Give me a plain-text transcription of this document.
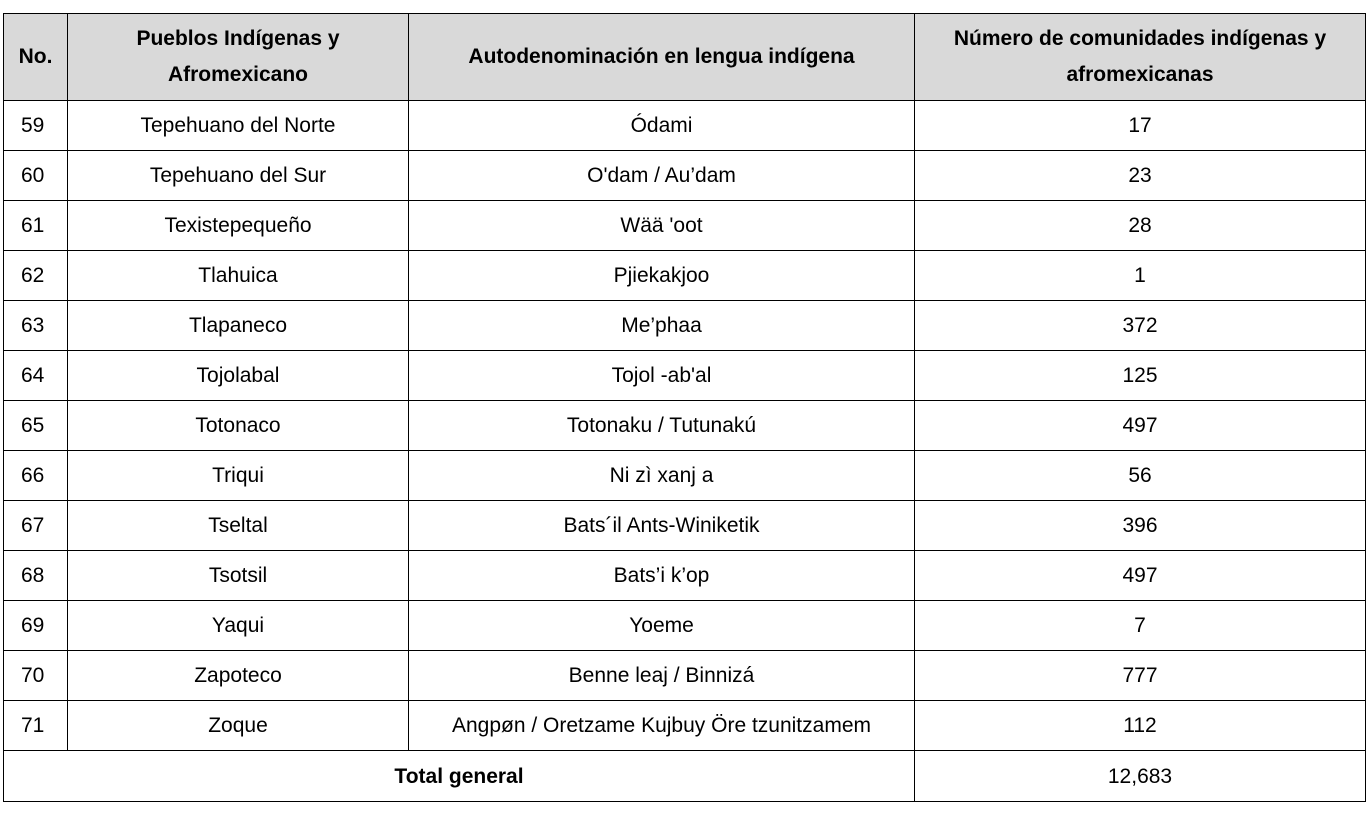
No.	Pueblos Indígenas y Afromexicano	Autodenominación en lengua indígena	Número de comunidades indígenas y afromexicanas
59	Tepehuano del Norte	Ódami	17
60	Tepehuano del Sur	O'dam / Au’dam	23
61	Texistepequeño	Wää 'oot	28
62	Tlahuica	Pjiekakjoo	1
63	Tlapaneco	Me’phaa	372
64	Tojolabal	Tojol -ab'al	125
65	Totonaco	Totonaku / Tutunakú	497
66	Triqui	Ni zì xanj a	56
67	Tseltal	Bats´il Ants-Winiketik	396
68	Tsotsil	Bats’i k’op	497
69	Yaqui	Yoeme	7
70	Zapoteco	Benne leaj / Binnizá	777
71	Zoque	Angpøn / Oretzame Kujbuy Öre tzunitzamem	112
Total general			12,683
